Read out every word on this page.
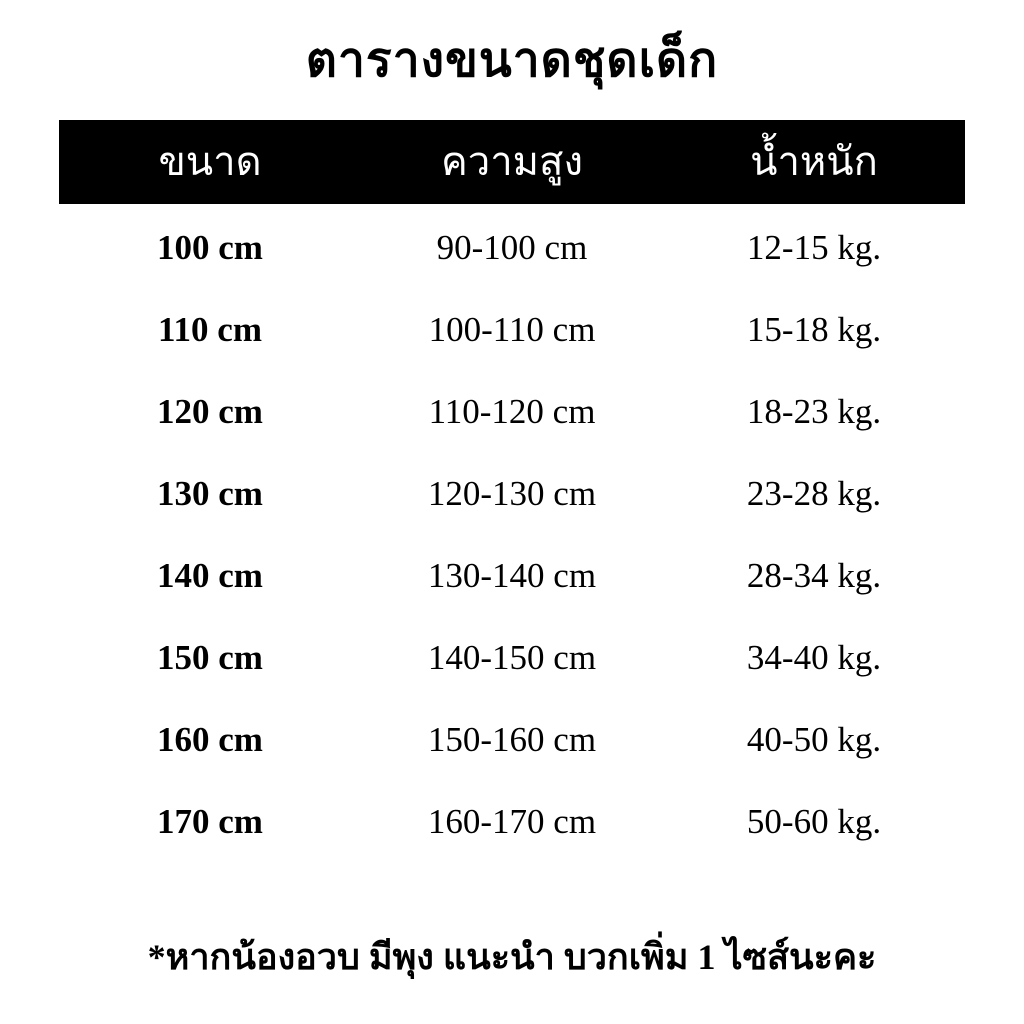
ตารางขนาดชุดเด็ก
ขนาด	ความสูง	น้ำหนัก
100 cm	90-100 cm	12-15 kg.
110 cm	100-110 cm	15-18 kg.
120 cm	110-120 cm	18-23 kg.
130 cm	120-130 cm	23-28 kg.
140 cm	130-140 cm	28-34 kg.
150 cm	140-150 cm	34-40 kg.
160 cm	150-160 cm	40-50 kg.
170 cm	160-170 cm	50-60 kg.
*หากน้องอวบ มีพุง แนะนำ บวกเพิ่ม 1 ไซส์นะคะ
